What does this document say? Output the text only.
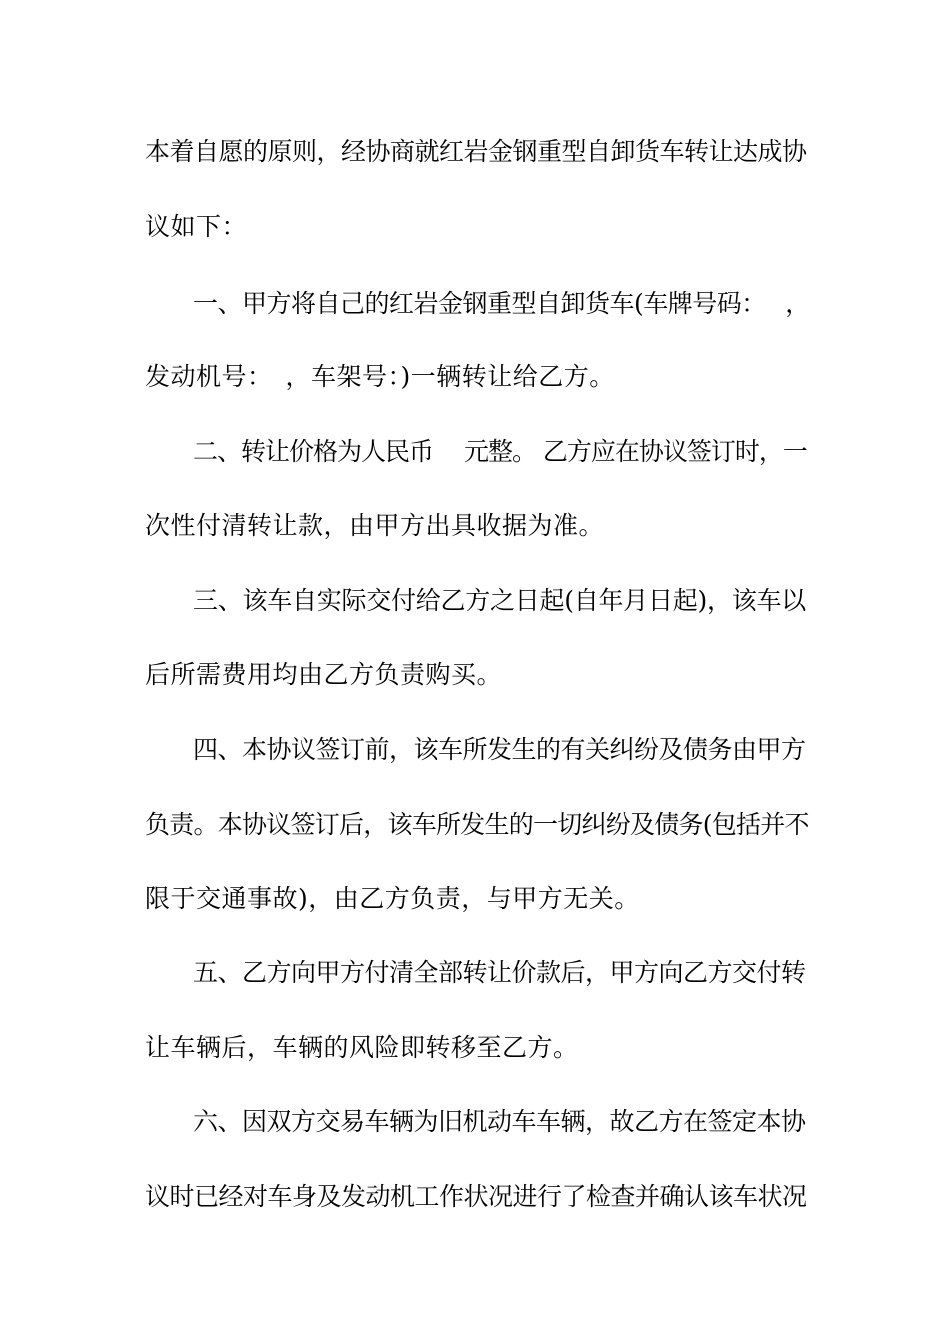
本着自愿的原则，经协商就红岩金钢重型自卸货车转让达成协
议如下：
一、甲方将自己的红岩金钢重型自卸货车(车牌号码：　 ，
发动机号：　，车架号：)一辆转让给乙方。
二、转让价格为人民币　 元整。 乙方应在协议签订时，一
次性付清转让款，由甲方出具收据为准。
三、该车自实际交付给乙方之日起(自年月日起)，该车以
后所需费用均由乙方负责购买。
四、本协议签订前，该车所发生的有关纠纷及债务由甲方
负责。本协议签订后，该车所发生的一切纠纷及债务(包括并不
限于交通事故)，由乙方负责，与甲方无关。
五、乙方向甲方付清全部转让价款后，甲方向乙方交付转
让车辆后，车辆的风险即转移至乙方。
六、因双方交易车辆为旧机动车车辆，故乙方在签定本协
议时已经对车身及发动机工作状况进行了检查并确认该车状况
